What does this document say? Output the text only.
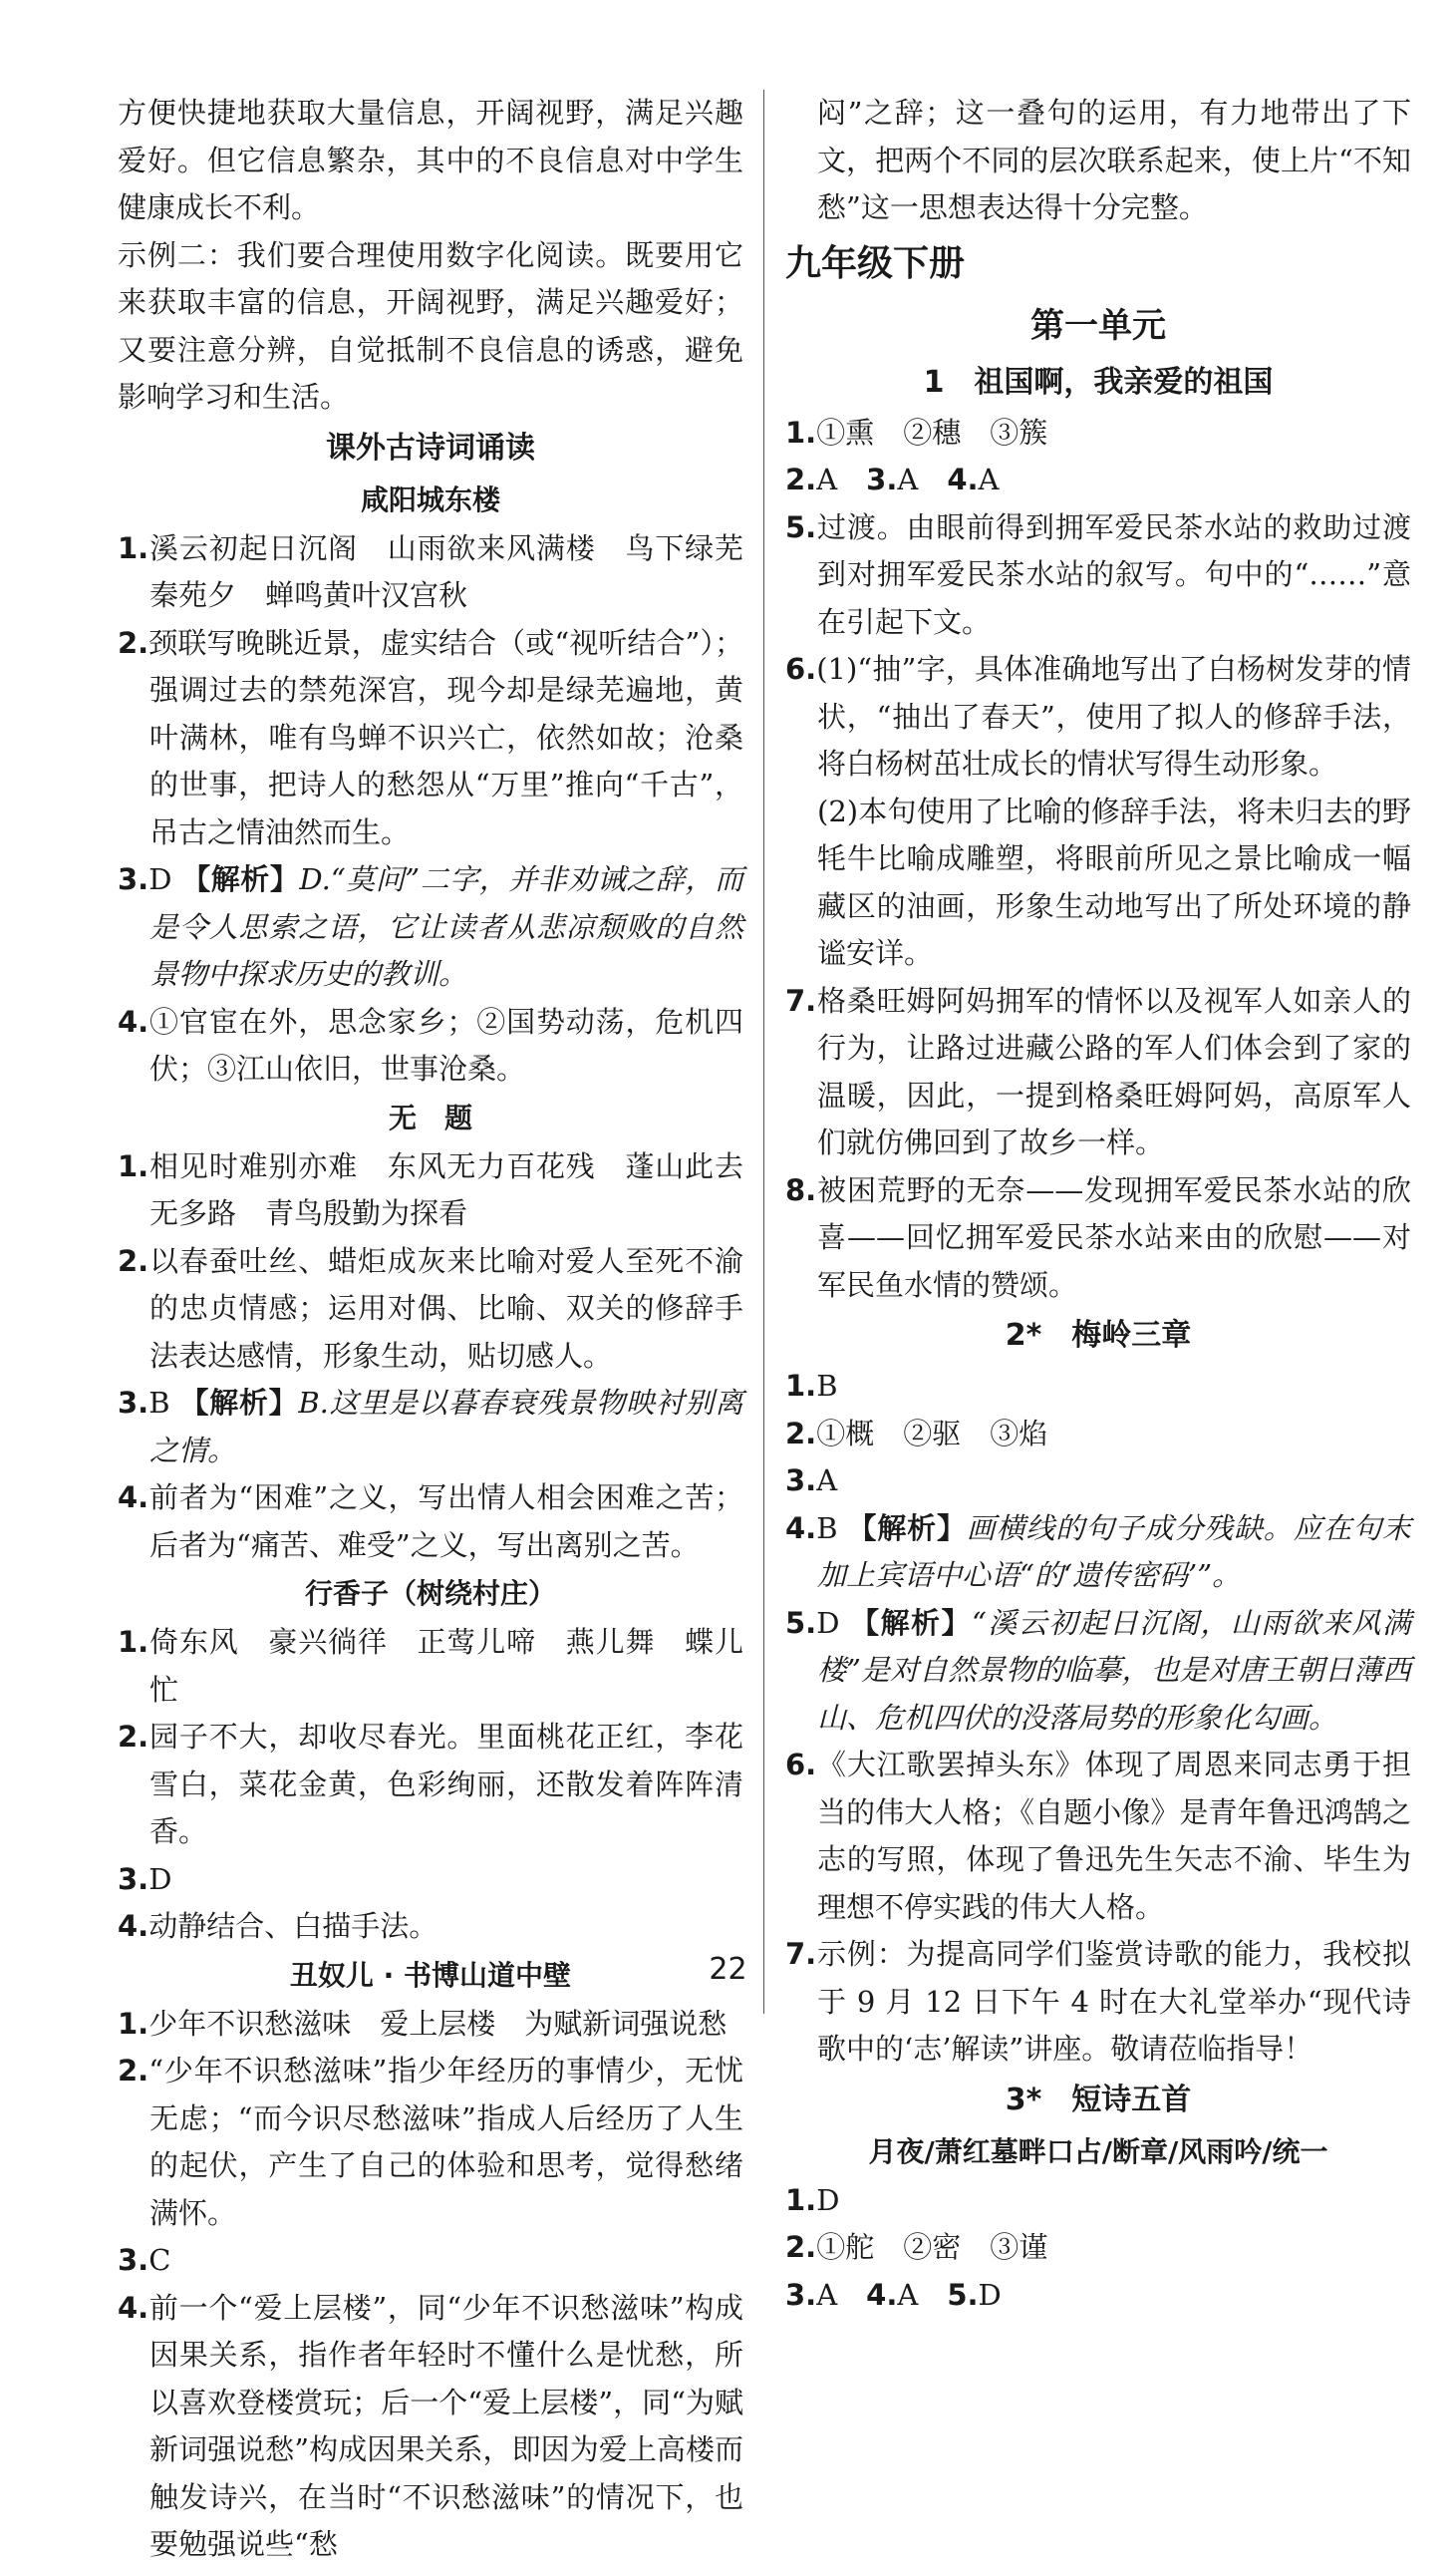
方便快捷地获取大量信息，开阔视野，满足兴趣爱好。但它信息繁杂，其中的不良信息对中学生健康成长不利。

示例二：我们要合理使用数字化阅读。既要用它来获取丰富的信息，开阔视野，满足兴趣爱好；又要注意分辨，自觉抵制不良信息的诱惑，避免影响学习和生活。

课外古诗词诵读

咸阳城东楼

1.溪云初起日沉阁　山雨欲来风满楼　鸟下绿芜秦苑夕　蝉鸣黄叶汉宫秋

2.颈联写晚眺近景，虚实结合（或“视听结合”）；强调过去的禁苑深宫，现今却是绿芜遍地，黄叶满林，唯有鸟蝉不识兴亡，依然如故；沧桑的世事，把诗人的愁怨从“万里”推向“千古”，吊古之情油然而生。

3.D 【解析】D.“莫问”二字，并非劝诫之辞，而是令人思索之语，它让读者从悲凉颓败的自然景物中探求历史的教训。

4.①官宦在外，思念家乡；②国势动荡，危机四伏；③江山依旧，世事沧桑。

无　题

1.相见时难别亦难　东风无力百花残　蓬山此去无多路　青鸟殷勤为探看

2.以春蚕吐丝、蜡炬成灰来比喻对爱人至死不渝的忠贞情感；运用对偶、比喻、双关的修辞手法表达感情，形象生动，贴切感人。

3.B 【解析】B.这里是以暮春衰残景物映衬别离之情。

4.前者为“困难”之义，写出情人相会困难之苦；后者为“痛苦、难受”之义，写出离别之苦。

行香子（树绕村庄）

1.倚东风　豪兴徜徉　正莺儿啼　燕儿舞　蝶儿忙

2.园子不大，却收尽春光。里面桃花正红，李花雪白，菜花金黄，色彩绚丽，还散发着阵阵清香。

3.D

4.动静结合、白描手法。

丑奴儿 · 书博山道中壁

1.少年不识愁滋味　爱上层楼　为赋新词强说愁

2.“少年不识愁滋味”指少年经历的事情少，无忧无虑；“而今识尽愁滋味”指成人后经历了人生的起伏，产生了自己的体验和思考，觉得愁绪满怀。

3.C

4.前一个“爱上层楼”，同“少年不识愁滋味”构成因果关系，指作者年轻时不懂什么是忧愁，所以喜欢登楼赏玩；后一个“爱上层楼”，同“为赋新词强说愁”构成因果关系，即因为爱上高楼而触发诗兴，在当时“不识愁滋味”的情况下，也要勉强说些“愁

闷”之辞；这一叠句的运用，有力地带出了下文，把两个不同的层次联系起来，使上片“不知愁”这一思想表达得十分完整。

九年级下册

第一单元

1　祖国啊，我亲爱的祖国

1.①熏　②穗　③簇

2.A　3.A　4.A

5.过渡。由眼前得到拥军爱民茶水站的救助过渡到对拥军爱民茶水站的叙写。句中的“……”意在引起下文。

6.(1)“抽”字，具体准确地写出了白杨树发芽的情状，“抽出了春天”，使用了拟人的修辞手法，将白杨树茁壮成长的情状写得生动形象。

(2)本句使用了比喻的修辞手法，将未归去的野牦牛比喻成雕塑，将眼前所见之景比喻成一幅藏区的油画，形象生动地写出了所处环境的静谧安详。

7.格桑旺姆阿妈拥军的情怀以及视军人如亲人的行为，让路过进藏公路的军人们体会到了家的温暖，因此，一提到格桑旺姆阿妈，高原军人们就仿佛回到了故乡一样。

8.被困荒野的无奈——发现拥军爱民茶水站的欣喜——回忆拥军爱民茶水站来由的欣慰——对军民鱼水情的赞颂。

2*　梅岭三章

1.B

2.①概　②驱　③焰

3.A

4.B 【解析】画横线的句子成分残缺。应在句末加上宾语中心语“的‘遗传密码’”。

5.D 【解析】“溪云初起日沉阁，山雨欲来风满楼”是对自然景物的临摹，也是对唐王朝日薄西山、危机四伏的没落局势的形象化勾画。

6.《大江歌罢掉头东》体现了周恩来同志勇于担当的伟大人格；《自题小像》是青年鲁迅鸿鹄之志的写照，体现了鲁迅先生矢志不渝、毕生为理想不停实践的伟大人格。

7.示例：为提高同学们鉴赏诗歌的能力，我校拟于 9 月 12 日下午 4 时在大礼堂举办“现代诗歌中的‘志’解读”讲座。敬请莅临指导！

3*　短诗五首

月夜/萧红墓畔口占/断章/风雨吟/统一

1.D

2.①舵　②密　③谨

3.A　4.A　5.D

22
